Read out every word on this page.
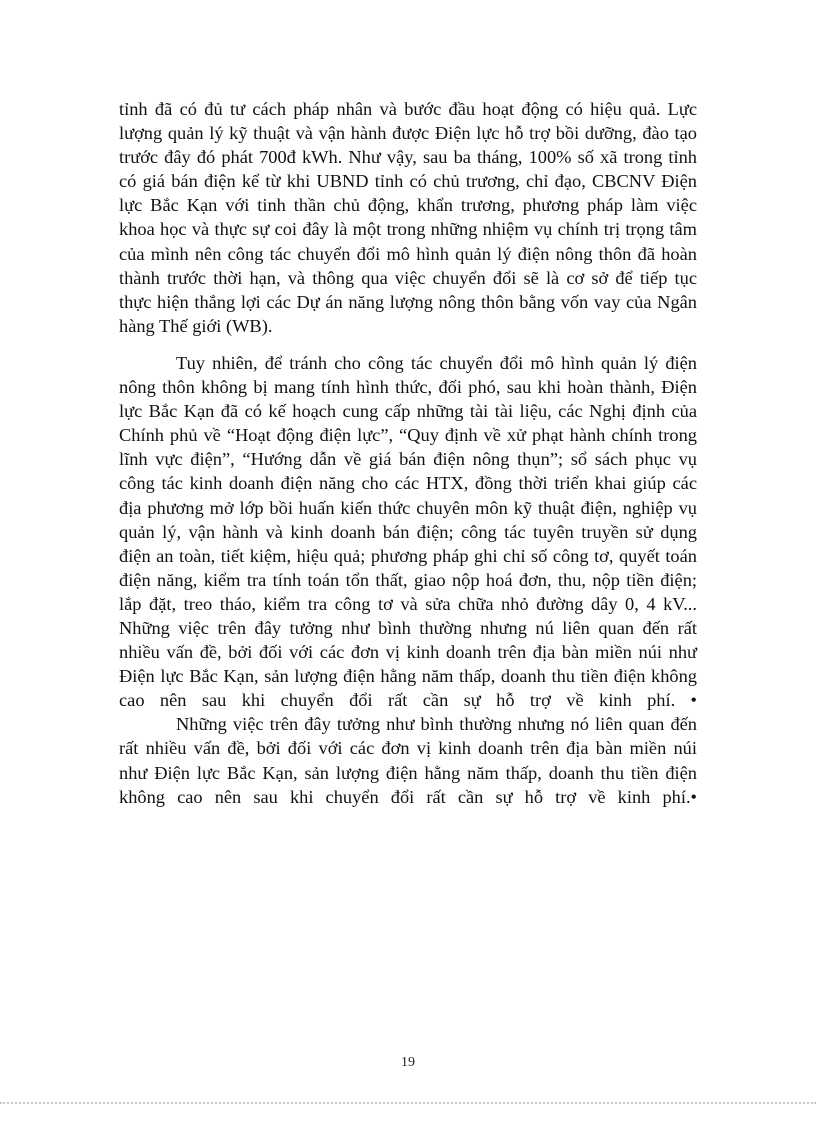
tỉnh đã có đủ tư cách pháp nhân và bước đầu hoạt động có hiệu quả. Lực
lượng quản lý kỹ thuật và vận hành được Điện lực hỗ trợ bồi dưỡng, đào tạo
trước đây đó phát 700đ kWh. Như vậy, sau ba tháng, 100% số xã trong tỉnh
có giá bán điện kể từ khi UBND tỉnh có chủ trương, chỉ đạo, CBCNV Điện
lực Bắc Kạn với tinh thần chủ động, khẩn trương, phương pháp làm việc
khoa học và thực sự coi đây là một trong những nhiệm vụ chính trị trọng tâm
của mình nên công tác chuyển đổi mô hình quản lý điện nông thôn đã hoàn
thành trước thời hạn, và thông qua việc chuyển đổi sẽ là cơ sở để tiếp tục
thực hiện thắng lợi các Dự án năng lượng nông thôn bằng vốn vay của Ngân
hàng Thế giới (WB).
Tuy nhiên, để tránh cho công tác chuyển đổi mô hình quản lý điện
nông thôn không bị mang tính hình thức, đối phó, sau khi hoàn thành, Điện
lực Bắc Kạn đã có kế hoạch cung cấp những tài tài liệu, các Nghị định của
Chính phủ về “Hoạt động điện lực”, “Quy định về xử phạt hành chính trong
lĩnh vực điện”, “Hướng dẫn về giá bán điện nông thụn”; sổ sách phục vụ
công tác kinh doanh điện năng cho các HTX, đồng thời triển khai giúp các
địa phương mở lớp bồi huấn kiến thức chuyên môn kỹ thuật điện, nghiệp vụ
quản lý, vận hành và kinh doanh bán điện; công tác tuyên truyền sử dụng
điện an toàn, tiết kiệm, hiệu quả; phương pháp ghi chỉ số công tơ, quyết toán
điện năng, kiểm tra tính toán tổn thất, giao nộp hoá đơn, thu, nộp tiền điện;
lắp đặt, treo tháo, kiểm tra công tơ và sửa chữa nhỏ đường dây 0, 4 kV...
Những việc trên đây tưởng như bình thường nhưng nú liên quan đến rất
nhiều vấn đề, bởi đối với các đơn vị kinh doanh trên địa bàn miền núi như
Điện lực Bắc Kạn, sản lượng điện hằng năm thấp, doanh thu tiền điện không
cao nên sau khi chuyển đổi rất cần sự hỗ trợ về kinh phí. •
Những việc trên đây tưởng như bình thường nhưng nó liên quan đến
rất nhiều vấn đề, bởi đối với các đơn vị kinh doanh trên địa bàn miền núi
như Điện lực Bắc Kạn, sản lượng điện hằng năm thấp, doanh thu tiền điện
không cao nên sau khi chuyển đổi rất cần sự hỗ trợ về kinh phí.•
19
